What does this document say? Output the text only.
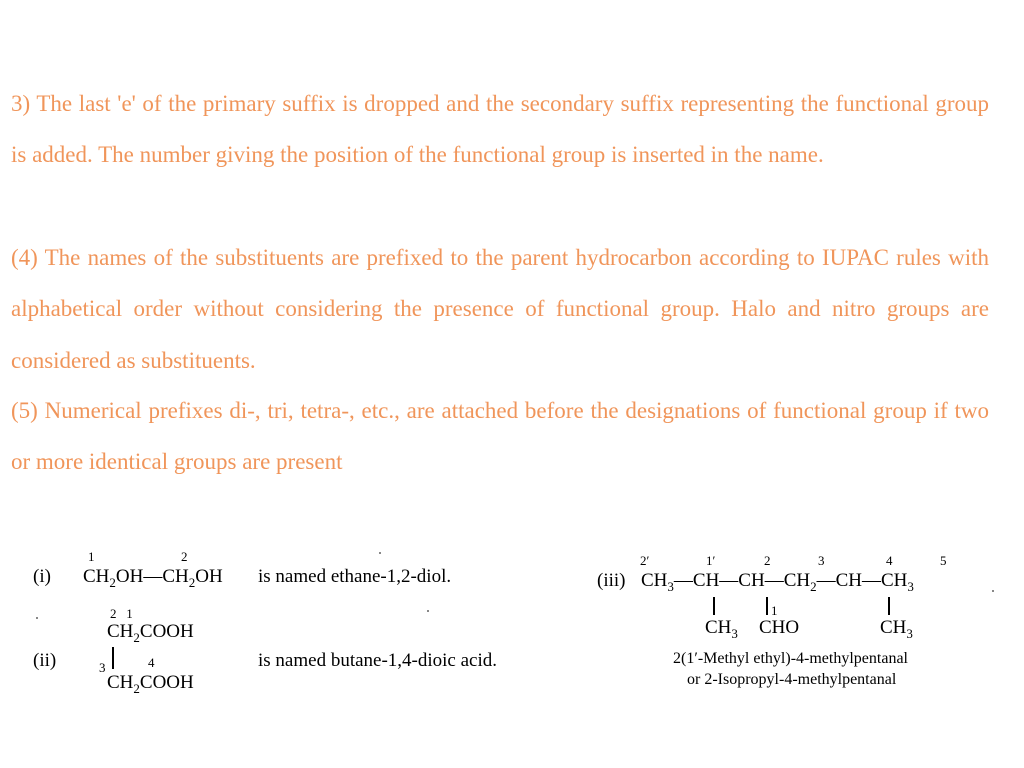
3) The last 'e' of the primary suffix is dropped and the secondary suffix representing the functional group is added. The number giving the position of the functional group is inserted in the name.
(4) The names of the substituents are prefixed to the parent hydrocarbon according to IUPAC rules with alphabetical order without considering the presence of functional group. Halo and nitro groups are considered as substituents.
(5) Numerical prefixes di-, tri, tetra-, etc., are attached before the designations of functional group if two or more identical groups are present
(i)
1	2
$CH_2OH—CH_2OH$ is named ethane-1,2-diol.
2   1
$CH_2COOH$
(ii)	3	4
$CH_2COOH$
is named butane-1,4-dioic acid.
2′	1′	2	3	4	5
(iii) $CH_3—CH—CH—CH_2—CH—CH_3$
1
$CH_3$ CHO	$CH_3$
2(1′-Methyl ethyl)-4-methylpentanal
or 2-Isopropyl-4-methylpentanal
